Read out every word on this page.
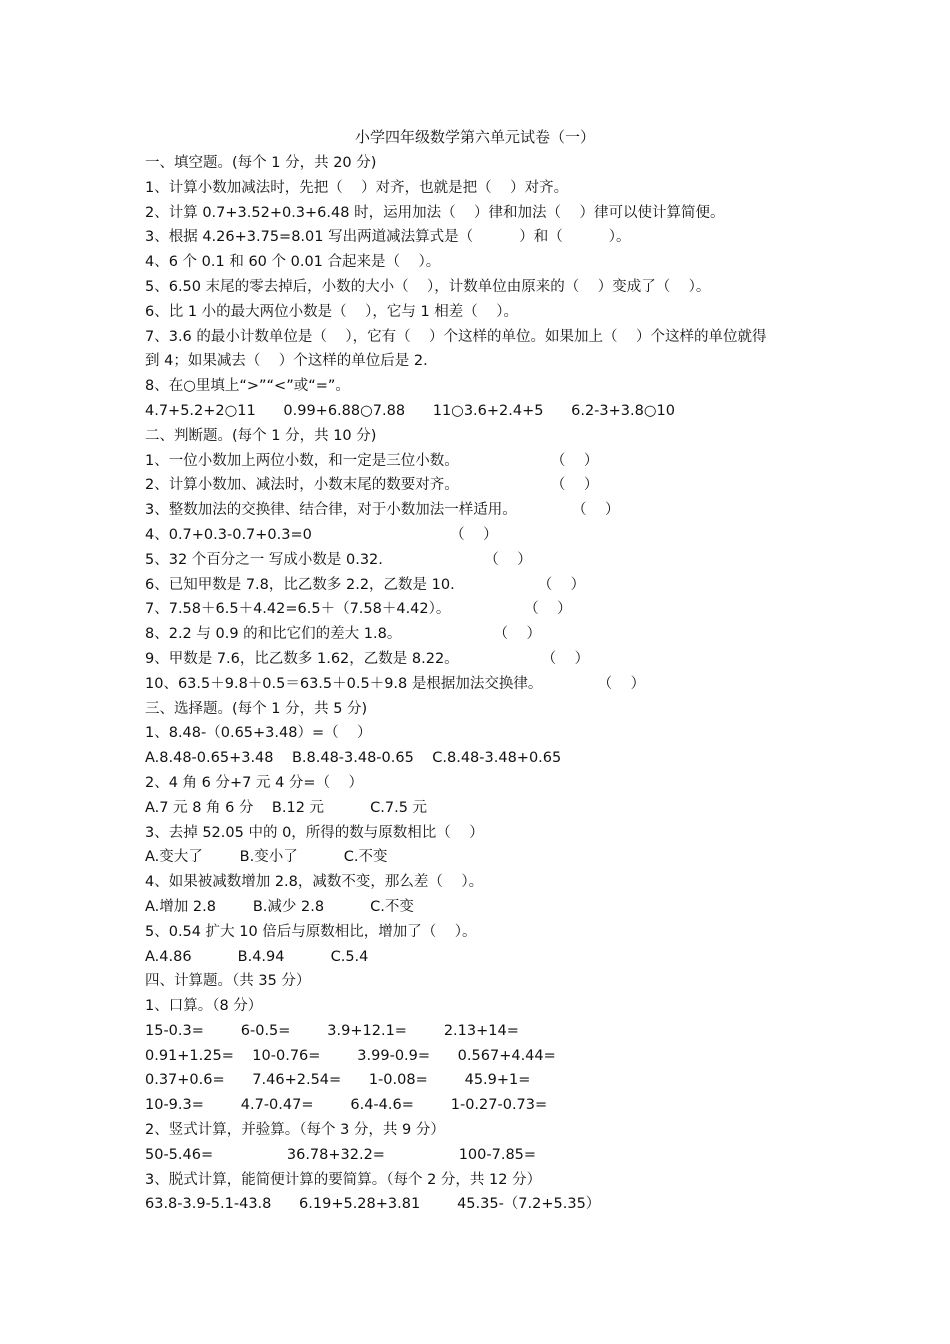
小学四年级数学第六单元试卷（一）
一、填空题。(每个 1 分，共 20 分)
1、计算小数加减法时，先把（    ）对齐，也就是把（    ）对齐。
2、计算 0.7+3.52+0.3+6.48 时，运用加法（    ）律和加法（    ）律可以使计算简便。
3、根据 4.26+3.75=8.01 写出两道减法算式是（          ）和（          ）。
4、6 个 0.1 和 60 个 0.01 合起来是（    ）。
5、6.50 末尾的零去掉后，小数的大小（    ），计数单位由原来的（    ）变成了（    ）。
6、比 1 小的最大两位小数是（    ），它与 1 相差（    ）。
7、3.6 的最小计数单位是（    ），它有（    ）个这样的单位。如果加上（    ）个这样的单位就得
到 4；如果减去（    ）个这样的单位后是 2.
8、在○里填上“>”“<”或“=”。
4.7+5.2+2○11      0.99+6.88○7.88      11○3.6+2.4+5      6.2-3+3.8○10
二、判断题。(每个 1 分，共 10 分)
1、一位小数加上两位小数，和一定是三位小数。                    （    ）
2、计算小数加、减法时，小数末尾的数要对齐。                    （    ）
3、整数加法的交换律、结合律，对于小数加法一样适用。            （    ）
4、0.7+0.3-0.7+0.3=0                              （    ）
5、32 个百分之一 写成小数是 0.32.                      （    ）
6、已知甲数是 7.8，比乙数多 2.2，乙数是 10.                  （    ）
7、7.58＋6.5＋4.42=6.5＋（7.58＋4.42）。                （    ）
8、2.2 与 0.9 的和比它们的差大 1.8。                    （    ）
9、甲数是 7.6，比乙数多 1.62，乙数是 8.22。                  （    ）
10、63.5＋9.8＋0.5＝63.5＋0.5＋9.8 是根据加法交换律。            （    ）
三、选择题。(每个 1 分，共 5 分)
1、8.48-（0.65+3.48）=（    ）
A.8.48-0.65+3.48    B.8.48-3.48-0.65    C.8.48-3.48+0.65
2、4 角 6 分+7 元 4 分=（    ）
A.7 元 8 角 6 分    B.12 元          C.7.5 元
3、去掉 52.05 中的 0，所得的数与原数相比（    ）
A.变大了        B.变小了          C.不变
4、如果被减数增加 2.8，减数不变，那么差（    ）。
A.增加 2.8        B.减少 2.8          C.不变
5、0.54 扩大 10 倍后与原数相比，增加了（    ）。
A.4.86          B.4.94          C.5.4
四、计算题。（共 35 分）
1、口算。（8 分）
15-0.3=        6-0.5=        3.9+12.1=        2.13+14=
0.91+1.25=    10-0.76=        3.99-0.9=      0.567+4.44=
0.37+0.6=      7.46+2.54=      1-0.08=        45.9+1=
10-9.3=        4.7-0.47=        6.4-4.6=        1-0.27-0.73=
2、竖式计算，并验算。（每个 3 分，共 9 分）
50-5.46=                36.78+32.2=                100-7.85=
3、脱式计算，能简便计算的要简算。（每个 2 分，共 12 分）
63.8-3.9-5.1-43.8      6.19+5.28+3.81        45.35-（7.2+5.35）
